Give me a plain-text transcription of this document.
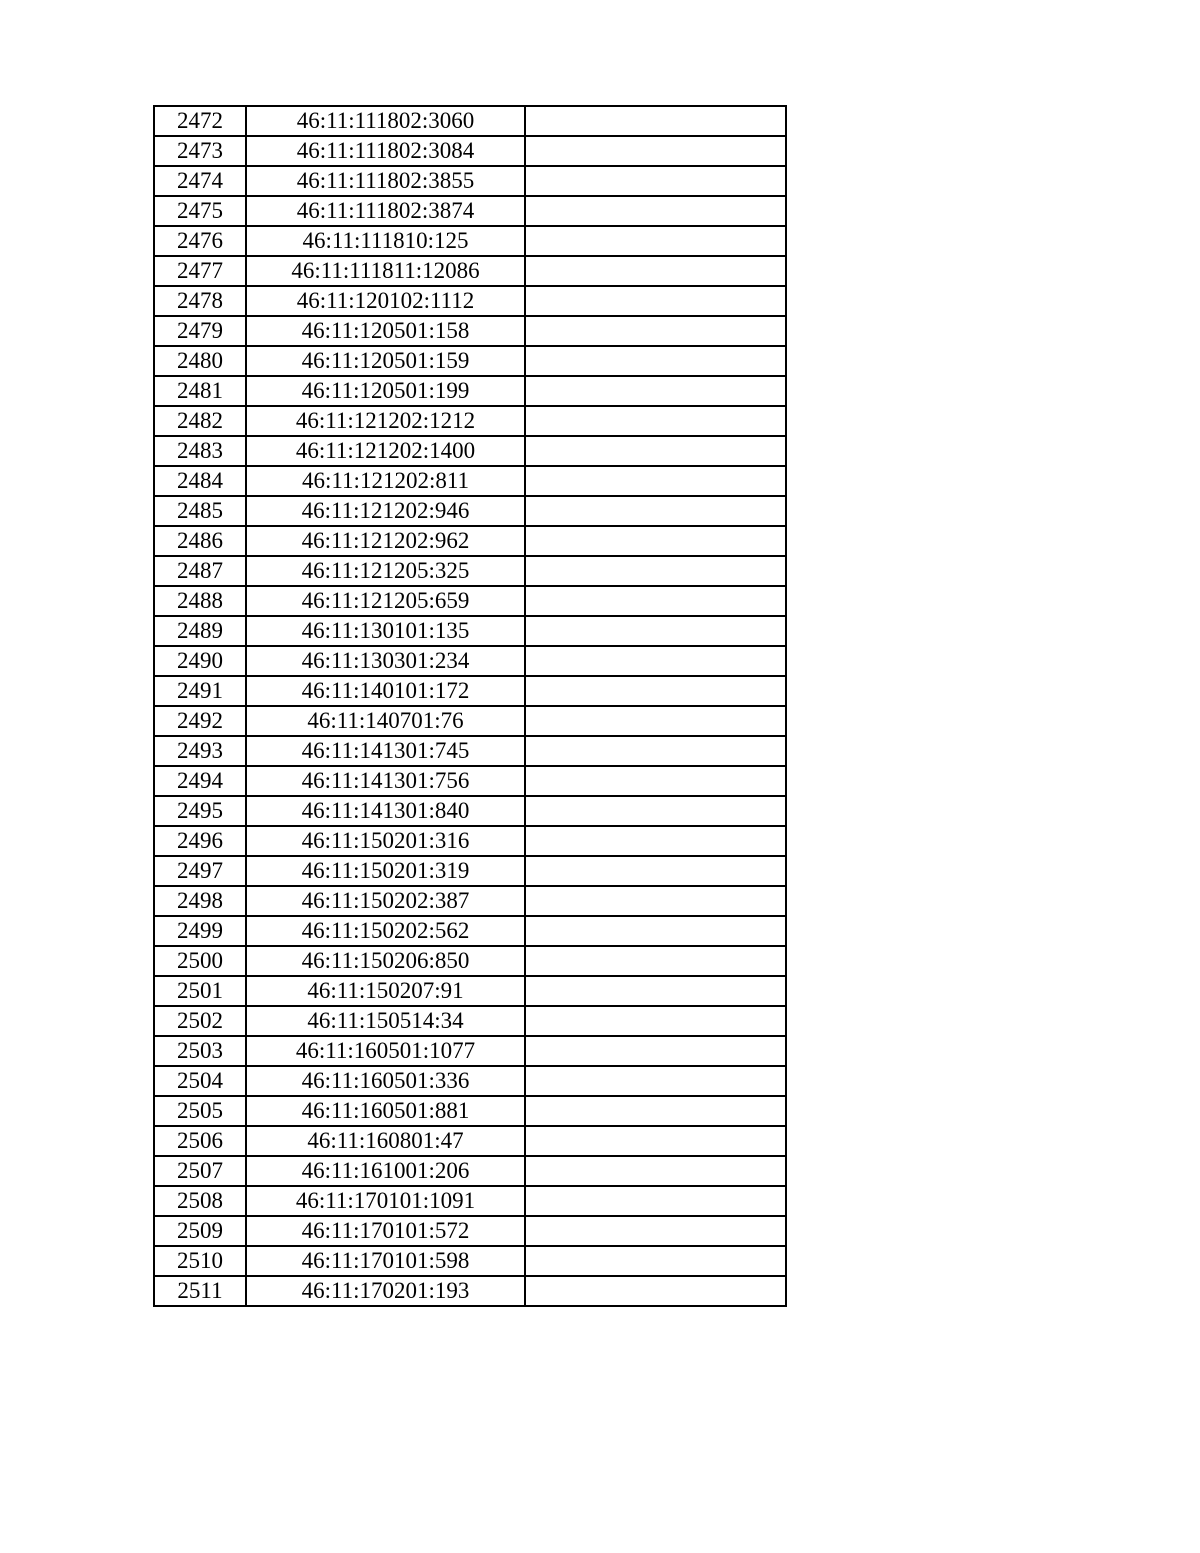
2472	46:11:111802:3060	
2473	46:11:111802:3084	
2474	46:11:111802:3855	
2475	46:11:111802:3874	
2476	46:11:111810:125	
2477	46:11:111811:12086	
2478	46:11:120102:1112	
2479	46:11:120501:158	
2480	46:11:120501:159	
2481	46:11:120501:199	
2482	46:11:121202:1212	
2483	46:11:121202:1400	
2484	46:11:121202:811	
2485	46:11:121202:946	
2486	46:11:121202:962	
2487	46:11:121205:325	
2488	46:11:121205:659	
2489	46:11:130101:135	
2490	46:11:130301:234	
2491	46:11:140101:172	
2492	46:11:140701:76	
2493	46:11:141301:745	
2494	46:11:141301:756	
2495	46:11:141301:840	
2496	46:11:150201:316	
2497	46:11:150201:319	
2498	46:11:150202:387	
2499	46:11:150202:562	
2500	46:11:150206:850	
2501	46:11:150207:91	
2502	46:11:150514:34	
2503	46:11:160501:1077	
2504	46:11:160501:336	
2505	46:11:160501:881	
2506	46:11:160801:47	
2507	46:11:161001:206	
2508	46:11:170101:1091	
2509	46:11:170101:572	
2510	46:11:170101:598	
2511	46:11:170201:193	
